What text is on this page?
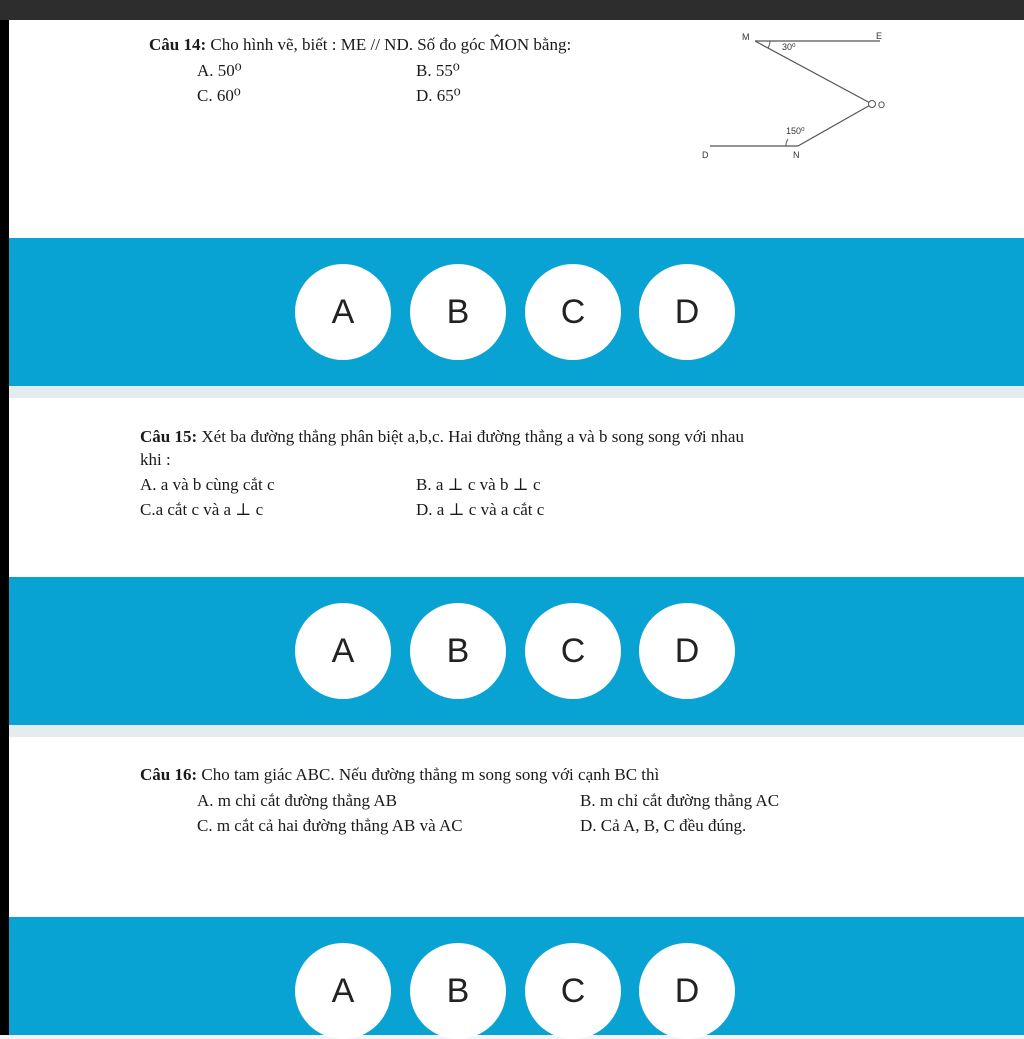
Câu 14: Cho hình vẽ, biết : ME // ND. Số đo góc M̂ON bằng:
A. 50⁰	B. 55⁰
C. 60⁰	D. 65⁰
M	E
O
D	N
30⁰
150⁰
A	B	C	D
Câu 15: Xét ba đường thẳng phân biệt a,b,c. Hai đường thẳng a và b song song với nhau
khi :
A. a và b cùng cắt c	B. a ⊥ c và b ⊥ c
C.a cắt c và a ⊥ c	D. a ⊥ c và a cắt c
A	B	C	D
Câu 16: Cho tam giác ABC. Nếu đường thẳng m song song với cạnh BC thì
A. m chỉ cắt đường thẳng AB	B. m chỉ cắt đường thẳng AC
C. m cắt cả hai đường thẳng AB và AC	D. Cả A, B, C đều đúng.
A	B	C	D
